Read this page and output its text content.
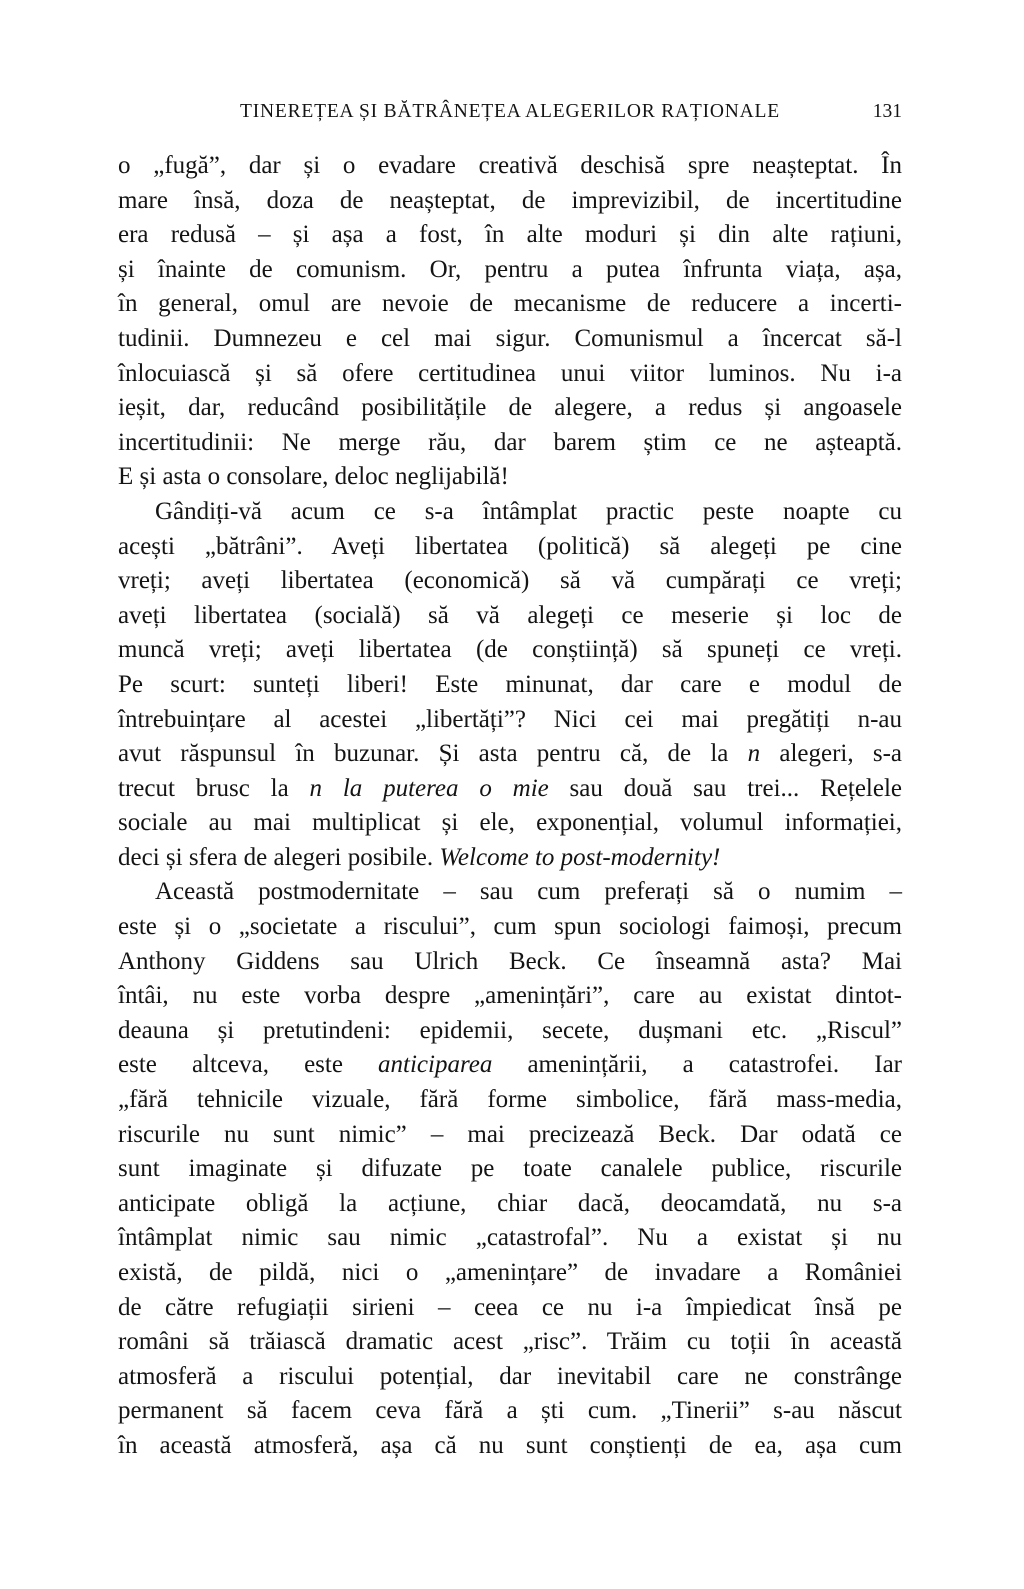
TINEREȚEA ȘI BĂTRÂNEȚEA ALEGERILOR RAȚIONALE	131
o „fugă”, dar și o evadare creativă deschisă spre neașteptat. În
mare însă, doza de neașteptat, de imprevizibil, de incertitudine
era redusă – și așa a fost, în alte moduri și din alte rațiuni,
și înainte de comunism. Or, pentru a putea înfrunta viața, așa,
în general, omul are nevoie de mecanisme de reducere a incerti-
tudinii. Dumnezeu e cel mai sigur. Comunismul a încercat să-l
înlocuiască și să ofere certitudinea unui viitor luminos. Nu i-a
ieșit, dar, reducând posibilitățile de alegere, a redus și angoasele
incertitudinii: Ne merge rău, dar barem știm ce ne așteaptă.
E și asta o consolare, deloc neglijabilă!
Gândiți-vă acum ce s-a întâmplat practic peste noapte cu
acești „bătrâni”. Aveți libertatea (politică) să alegeți pe cine
vreți; aveți libertatea (economică) să vă cumpărați ce vreți;
aveți libertatea (socială) să vă alegeți ce meserie și loc de
muncă vreți; aveți libertatea (de conștiință) să spuneți ce vreți.
Pe scurt: sunteți liberi! Este minunat, dar care e modul de
întrebuințare al acestei „libertăți”? Nici cei mai pregătiți n-au
avut răspunsul în buzunar. Și asta pentru că, de la n alegeri, s-a
trecut brusc la n la puterea o mie sau două sau trei... Rețelele
sociale au mai multiplicat și ele, exponențial, volumul informației,
deci și sfera de alegeri posibile. Welcome to post-modernity!
Această postmodernitate – sau cum preferați să o numim –
este și o „societate a riscului”, cum spun sociologi faimoși, precum
Anthony Giddens sau Ulrich Beck. Ce înseamnă asta? Mai
întâi, nu este vorba despre „amenințări”, care au existat dintot-
deauna și pretutindeni: epidemii, secete, dușmani etc. „Riscul”
este altceva, este anticiparea amenințării, a catastrofei. Iar
„fără tehnicile vizuale, fără forme simbolice, fără mass-media,
riscurile nu sunt nimic” – mai precizează Beck. Dar odată ce
sunt imaginate și difuzate pe toate canalele publice, riscurile
anticipate obligă la acțiune, chiar dacă, deocamdată, nu s-a
întâmplat nimic sau nimic „catastrofal”. Nu a existat și nu
există, de pildă, nici o „amenințare” de invadare a României
de către refugiații sirieni – ceea ce nu i-a împiedicat însă pe
români să trăiască dramatic acest „risc”. Trăim cu toții în această
atmosferă a riscului potențial, dar inevitabil care ne constrânge
permanent să facem ceva fără a ști cum. „Tinerii” s-au născut
în această atmosferă, așa că nu sunt conștienți de ea, așa cum
